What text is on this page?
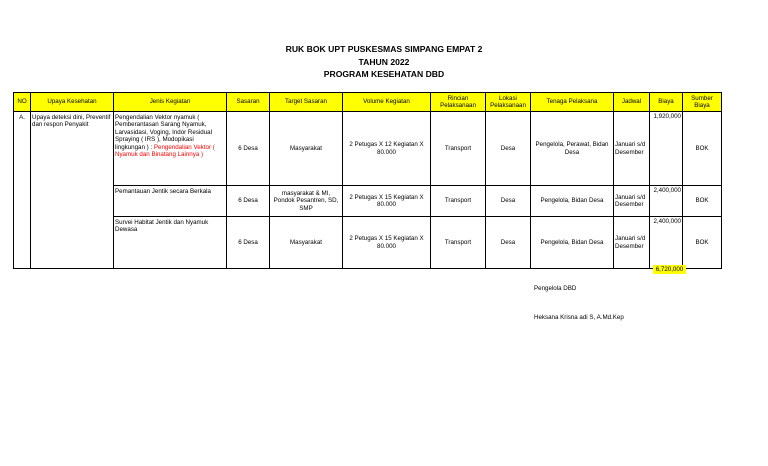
RUK BOK UPT PUSKESMAS SIMPANG EMPAT 2
TAHUN 2022
PROGRAM KESEHATAN DBD
NO	Upaya Kesehatan	Jenis Kegiatan	Sasaran	Target Sasaran	Volume Kegiatan	Rincian Pelaksanaan	Lokasi Pelaksanaan	Tenaga Pelaksana	Jadwal	Biaya	Sumber Biaya
A.	Upaya deteksi dini, Preventif dan respon Penyakit	Pengendalian Vektor nyamuk ( Pemberantasan Sarang Nyamuk, Larvasidasi, Voging, Indor Residual Spraying ( IRS ), Modopikasi lingkungan ) : Pengendalian Vektor ( Nyamuk dan Binatang Lainnya )	6 Desa	Masyarakat	2 Petugas X 12 Kegiatan X 80.000	Transport	Desa	Pengelola, Perawat, Bidan Desa	Januari s/d Desember	1,920,000	BOK
		Pemantauan Jentik secara Berkala	6 Desa	masyarakat & MI, Pondok Pesantren, SD, SMP	2 Petugas X 15 Kegiatan X 80.000	Transport	Desa	Pengelola, Bidan Desa	Januari s/d Desember	2,400,000	BOK
		Survei Habitat Jentik dan Nyamuk Dewasa	6 Desa	Masyarakat	2 Petugas X 15 Kegiatan X 80.000	Transport	Desa	Pengelola, Bidan Desa	Januari s/d Desember	2,400,000	BOK
6,720,000
Pengelola DBD
Heksana Krisna adi S, A.Md.Kep
